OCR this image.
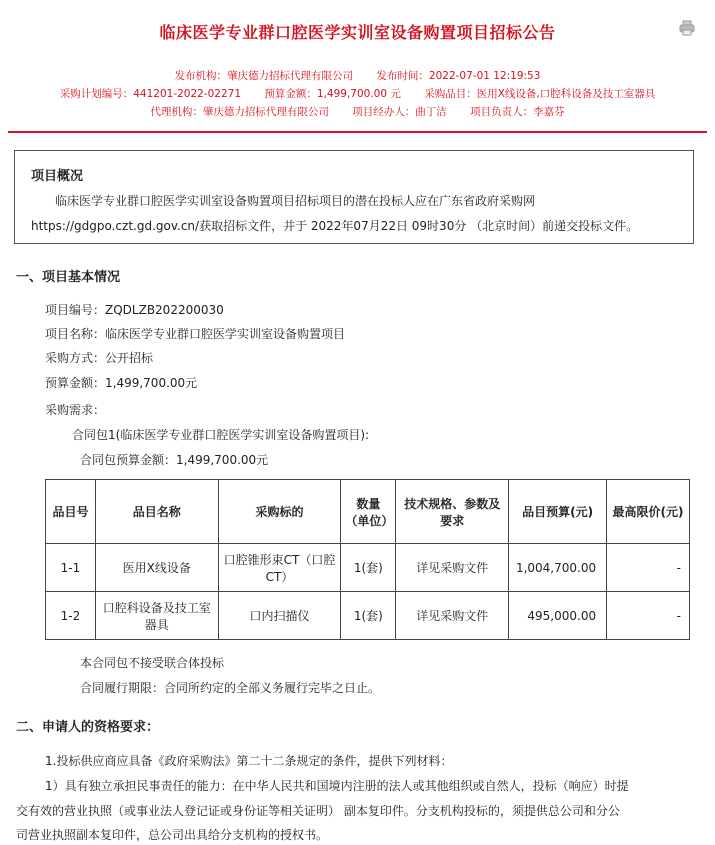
临床医学专业群口腔医学实训室设备购置项目招标公告
发布机构：肇庆德力招标代理有限公司 发布时间：2022-07-01 12:19:53
采购计划编号：441201-2022-02271 预算金额：1,499,700.00 元 采购品目：医用X线设备,口腔科设备及技工室器具
代理机构：肇庆德力招标代理有限公司 项目经办人：曲丁洁 项目负责人：李嘉芬
项目概况
临床医学专业群口腔医学实训室设备购置项目招标项目的潜在投标人应在广东省政府采购网https://gdgpo.czt.gd.gov.cn/获取招标文件，并于 2022年07月22日 09时30分 （北京时间）前递交投标文件。
一、项目基本情况
项目编号：ZQDLZB202200030
项目名称：临床医学专业群口腔医学实训室设备购置项目
采购方式：公开招标
预算金额：1,499,700.00元
采购需求：
合同包1(临床医学专业群口腔医学实训室设备购置项目):
合同包预算金额：1,499,700.00元
品目号	品目名称	采购标的	数量（单位）	技术规格、参数及要求	品目预算(元)	最高限价(元)
1-1	医用X线设备	口腔锥形束CT（口腔CT）	1(套)	详见采购文件	1,004,700.00	-
1-2	口腔科设备及技工室器具	口内扫描仪	1(套)	详见采购文件	495,000.00	-
本合同包不接受联合体投标
合同履行期限：合同所约定的全部义务履行完毕之日止。
二、申请人的资格要求：
1.投标供应商应具备《政府采购法》第二十二条规定的条件，提供下列材料：
1）具有独立承担民事责任的能力：在中华人民共和国境内注册的法人或其他组织或自然人，投标（响应）时提
交有效的营业执照（或事业法人登记证或身份证等相关证明） 副本复印件。分支机构投标的，须提供总公司和分公
司营业执照副本复印件，总公司出具给分支机构的授权书。
